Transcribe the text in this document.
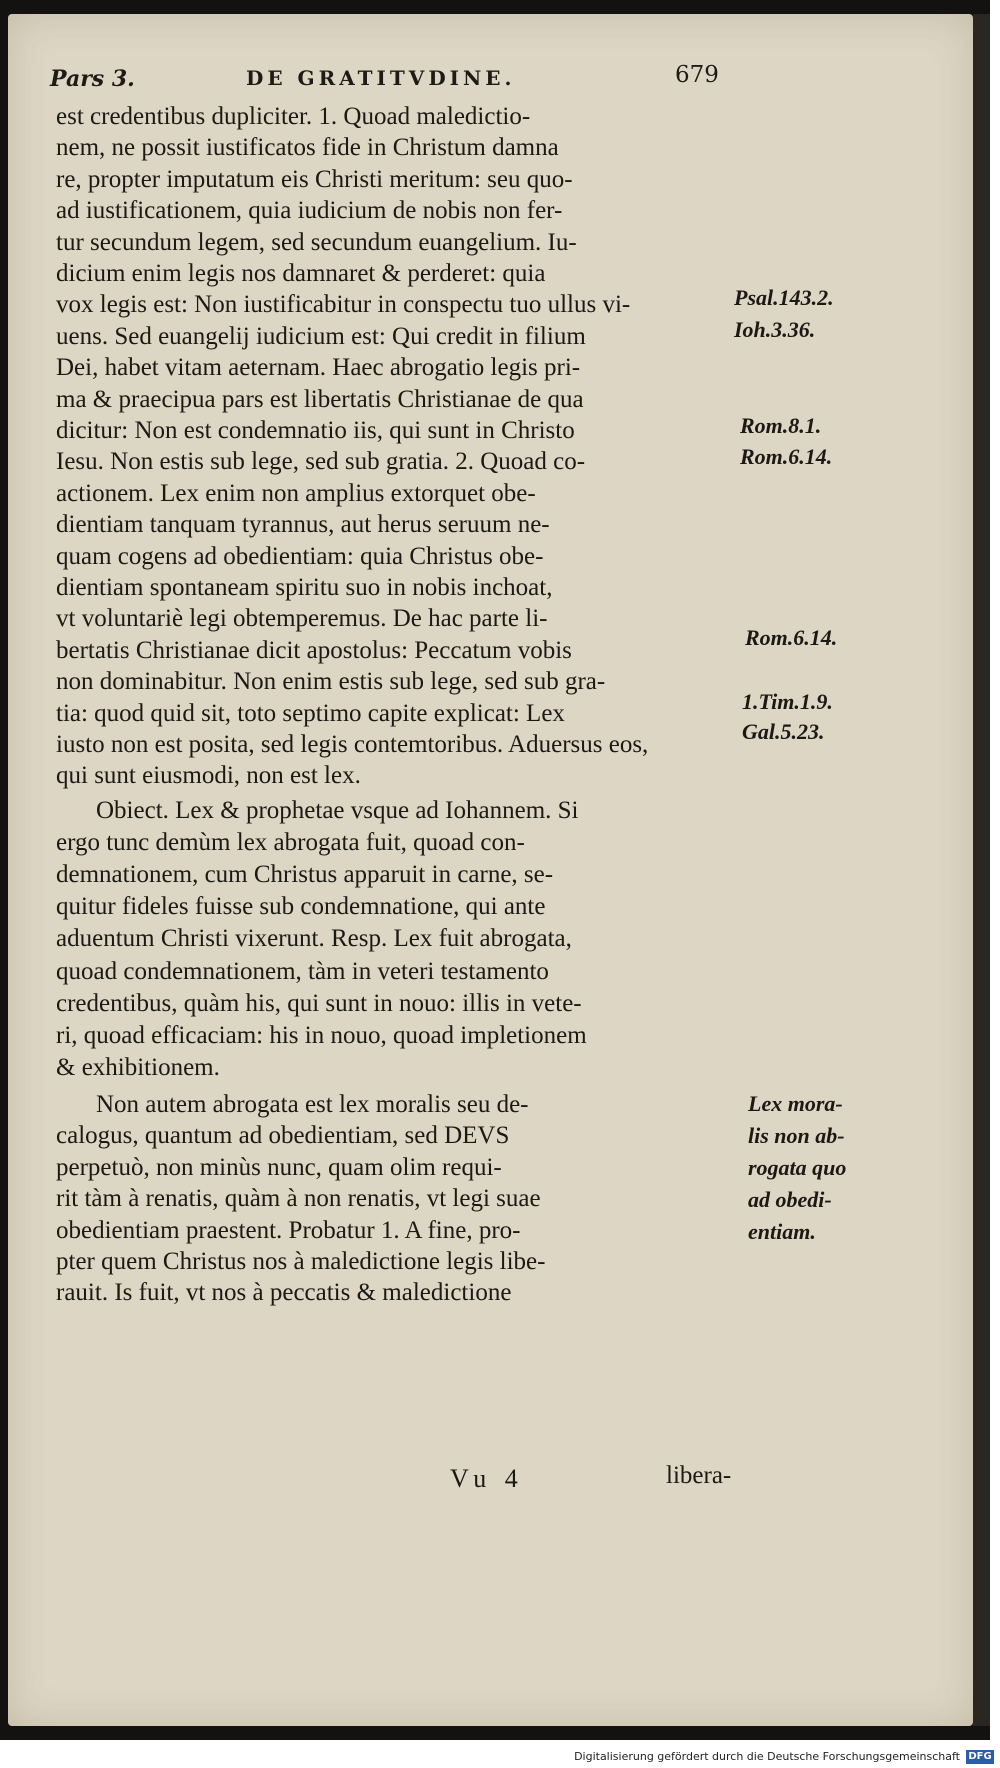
Pars 3.	DE GRATITVDINE.	679
est credentibus dupliciter. 1. Quoad maledictio-
nem, ne possit iustificatos fide in Christum damna
re, propter imputatum eis Christi meritum: seu quo-
ad iustificationem, quia iudicium de nobis non fer-
tur secundum legem, sed secundum euangelium. Iu-
dicium enim legis nos damnaret & perderet: quia
vox legis est: Non iustificabitur in conspectu tuo ullus vi-
uens. Sed euangelij iudicium est: Qui credit in filium
Dei, habet vitam aeternam. Haec abrogatio legis pri-
ma & praecipua pars est libertatis Christianae de qua
dicitur: Non est condemnatio iis, qui sunt in Christo
Iesu. Non estis sub lege, sed sub gratia. 2. Quoad co-
actionem. Lex enim non amplius extorquet obe-
dientiam tanquam tyrannus, aut herus seruum ne-
quam cogens ad obedientiam: quia Christus obe-
dientiam spontaneam spiritu suo in nobis inchoat,
vt voluntariè legi obtemperemus. De hac parte li-
bertatis Christianae dicit apostolus: Peccatum vobis
non dominabitur. Non enim estis sub lege, sed sub gra-
tia: quod quid sit, toto septimo capite explicat: Lex
iusto non est posita, sed legis contemtoribus. Aduersus eos,
qui sunt eiusmodi, non est lex.
Obiect. Lex & prophetae vsque ad Iohannem. Si
ergo tunc demùm lex abrogata fuit, quoad con-
demnationem, cum Christus apparuit in carne, se-
quitur fideles fuisse sub condemnatione, qui ante
aduentum Christi vixerunt. Resp. Lex fuit abrogata,
quoad condemnationem, tàm in veteri testamento
credentibus, quàm his, qui sunt in nouo: illis in vete-
ri, quoad efficaciam: his in nouo, quoad impletionem
& exhibitionem.
Non autem abrogata est lex moralis seu de-
calogus, quantum ad obedientiam, sed DEVS
perpetuò, non minùs nunc, quam olim requi-
rit tàm à renatis, quàm à non renatis, vt legi suae
obedientiam praestent. Probatur 1. A fine, pro-
pter quem Christus nos à maledictione legis libe-
rauit. Is fuit, vt nos à peccatis & maledictione
Psal.143.2.
Ioh.3.36.
Rom.8.1.
Rom.6.14.
Rom.6.14.
1.Tim.1.9.
Gal.5.23.
Lex mora-
lis non ab-
rogata quo
ad obedi-
entiam.
Vu 4	libera-
Digitalisierung gefördert durch die Deutsche Forschungsgemeinschaft DFG
